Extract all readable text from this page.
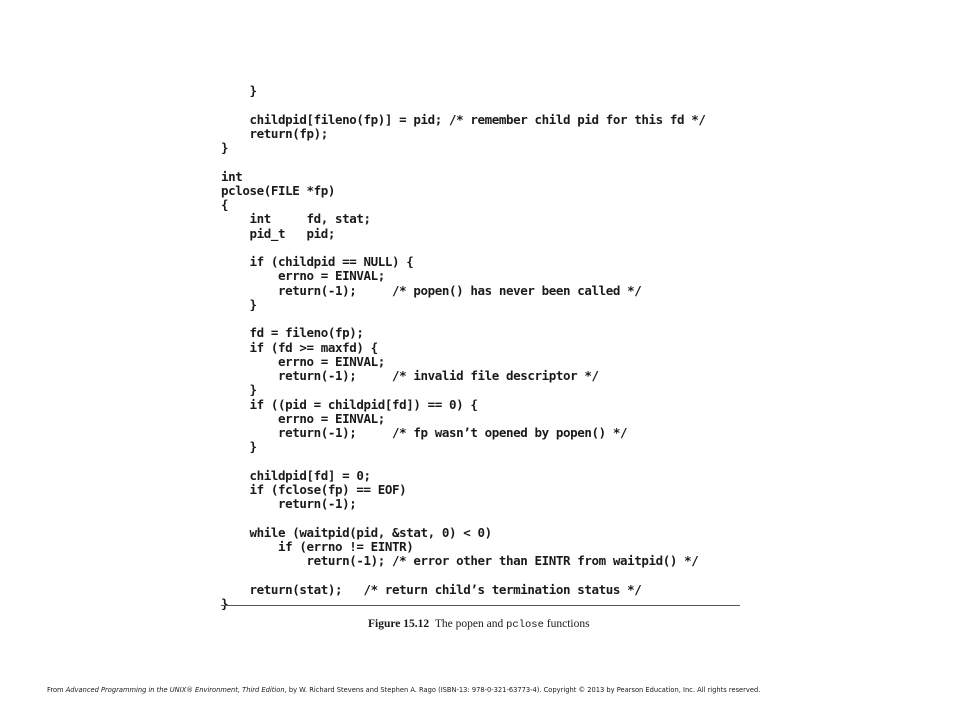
}
childpid[fileno(fp)] = pid; /* remember child pid for this fd */
return(fp);
}
int
pclose(FILE *fp)
{
int     fd, stat;
pid_t   pid;
if (childpid == NULL) {
errno = EINVAL;
return(-1);     /* popen() has never been called */
}
fd = fileno(fp);
if (fd >= maxfd) {
errno = EINVAL;
return(-1);     /* invalid file descriptor */
}
if ((pid = childpid[fd]) == 0) {
errno = EINVAL;
return(-1);     /* fp wasn’t opened by popen() */
}
childpid[fd] = 0;
if (fclose(fp) == EOF)
return(-1);
while (waitpid(pid, &stat, 0) < 0)
if (errno != EINTR)
return(-1); /* error other than EINTR from waitpid() */
return(stat);   /* return child’s termination status */
}
Figure 15.12 The popen and pclose functions
From Advanced Programming in the UNIX® Environment, Third Edition, by W. Richard Stevens and Stephen A. Rago (ISBN-13: 978-0-321-63773-4). Copyright © 2013 by Pearson Education, Inc. All rights reserved.
